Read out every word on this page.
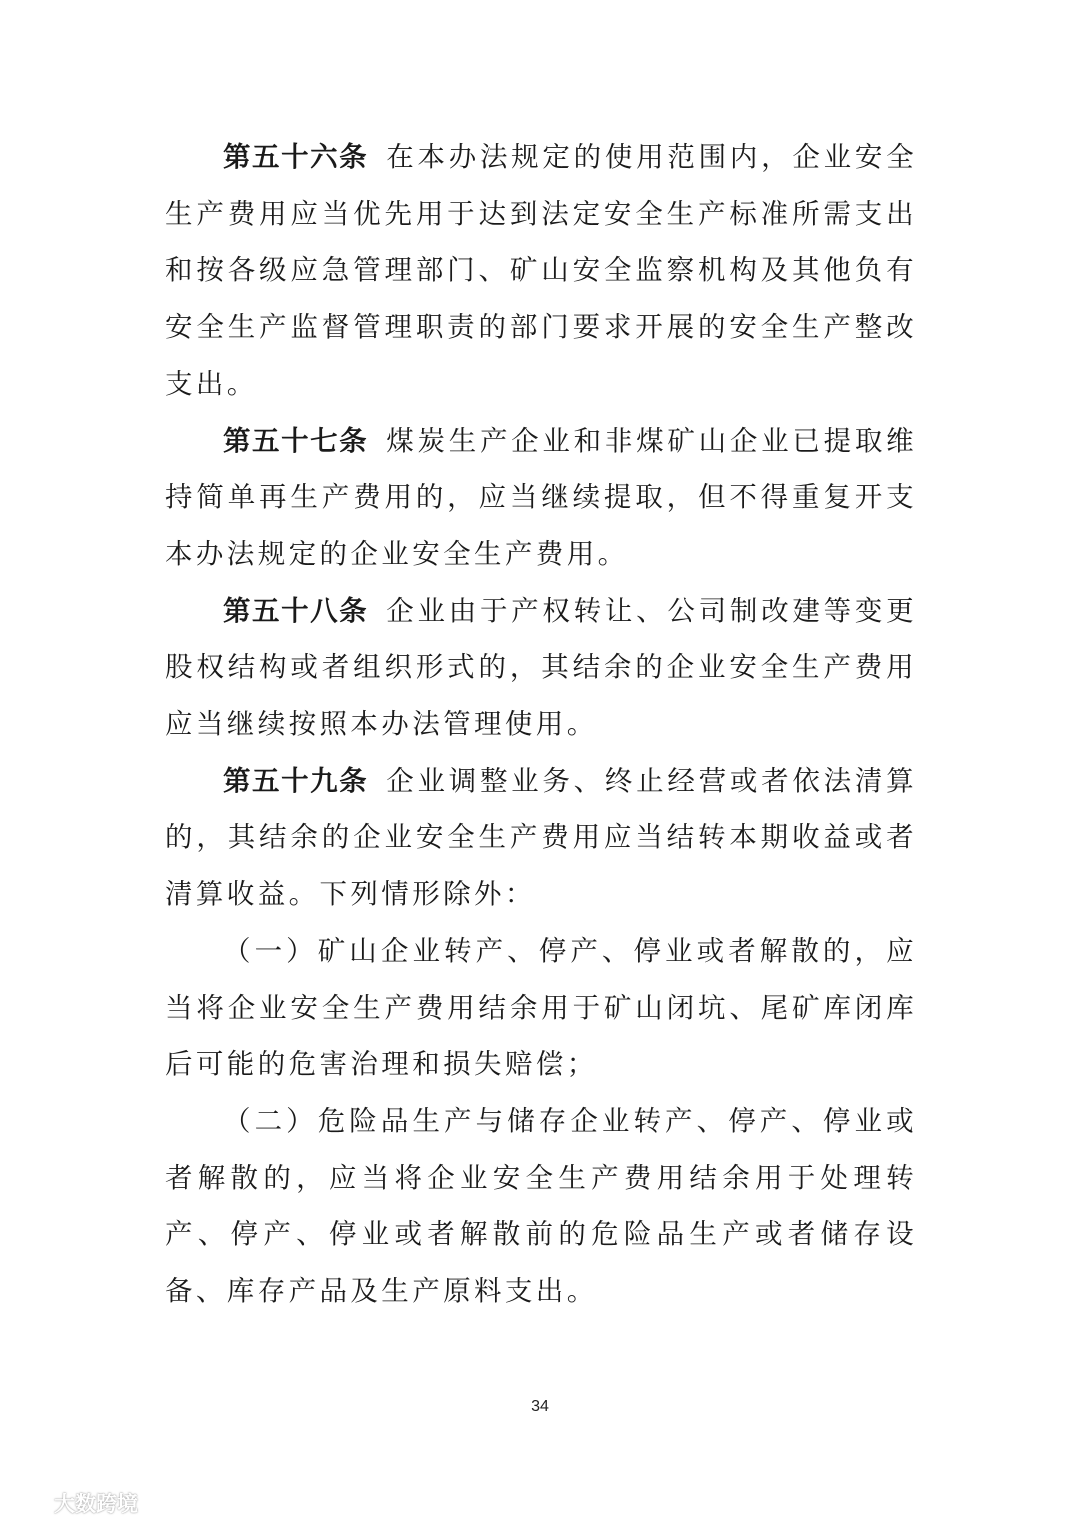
第五十六条 在本办法规定的使用范围内，企业安全生产费用应当优先用于达到法定安全生产标准所需支出和按各级应急管理部门、矿山安全监察机构及其他负有安全生产监督管理职责的部门要求开展的安全生产整改支出。

第五十七条 煤炭生产企业和非煤矿山企业已提取维持简单再生产费用的，应当继续提取，但不得重复开支本办法规定的企业安全生产费用。

第五十八条 企业由于产权转让、公司制改建等变更股权结构或者组织形式的，其结余的企业安全生产费用应当继续按照本办法管理使用。

第五十九条 企业调整业务、终止经营或者依法清算的，其结余的企业安全生产费用应当结转本期收益或者清算收益。下列情形除外：

（一）矿山企业转产、停产、停业或者解散的，应当将企业安全生产费用结余用于矿山闭坑、尾矿库闭库后可能的危害治理和损失赔偿；

（二）危险品生产与储存企业转产、停产、停业或者解散的，应当将企业安全生产费用结余用于处理转产、停产、停业或者解散前的危险品生产或者储存设备、库存产品及生产原料支出。

34
大数跨境
